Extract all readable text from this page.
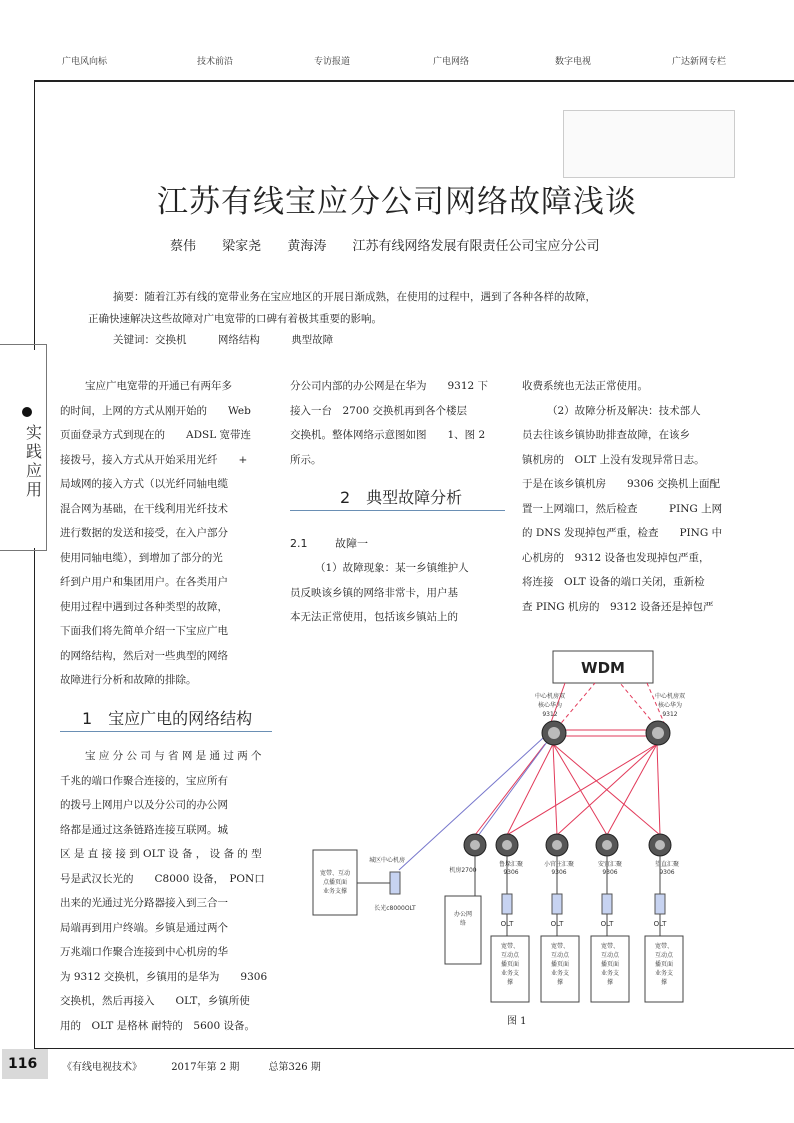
广电风向标	技术前沿	专访报道	广电网络	数字电视	广达新网专栏
江苏有线宝应分公司网络故障浅谈
蔡伟 梁家尧 黄海涛 江苏有线网络发展有限责任公司宝应分公司
摘要：随着江苏有线的宽带业务在宝应地区的开展日渐成熟，在使用的过程中，遇到了各种各样的故障，
正确快速解决这些故障对广电宽带的口碑有着极其重要的影响。
关键词：交换机	网络结构	典型故障
实践应用

宝应广电宽带的开通已有两年多

的时间，上网的方式从刚开始的　　Web

页面登录方式到现在的　　ADSL 宽带连

接拨号，接入方式从开始采用光纤　　+

局域网的接入方式（以光纤同轴电缆

混合网为基础，在干线利用光纤技术

进行数据的发送和接受，在入户部分

使用同轴电缆），到增加了部分的光

纤到户用户和集团用户。在各类用户

使用过程中遇到过各种类型的故障，

下面我们将先简单介绍一下宝应广电

的网络结构，然后对一些典型的网络

故障进行分析和故障的排除。

1　宝应广电的网络结构

宝 应 分 公 司 与 省 网 是 通 过 两 个

千兆的端口作聚合连接的，宝应所有

的拨号上网用户以及分公司的办公网

络都是通过这条链路连接互联网。城

区 是 直 接 接 到 OLT 设 备 ， 设 备 的 型

号是武汉长光的　　C8000 设备，　PON口

出来的光通过光分路器接入到三合一

局端再到用户终端。乡镇是通过两个

万兆端口作聚合连接到中心机房的华

为 9312 交换机，乡镇用的是华为　　9306

交换机，然后再接入　　OLT，乡镇所使

用的　OLT 是格林 耐特的　5600 设备。

分公司内部的办公网是在华为　　9312 下

接入一台　2700 交换机再到各个楼层

交换机。整体网络示意图如图　　1、图 2

所示。

2　典型故障分析
2.1	故障一

（1）故障现象：某一乡镇维护人

员反映该乡镇的网络非常卡，用户基

本无法正常使用，包括该乡镇站上的

收费系统也无法正常使用。

（2）故障分析及解决：技术部人

员去往该乡镇协助排查故障，在该乡

镇机房的　OLT 上没有发现异常日志。

于是在该乡镇机房　　9306 交换机上面配

置一上网端口，然后检查　　　PING 上网

的 DNS 发现掉包严重，检查　　PING 中

心机房的　9312 设备也发现掉包严重，

将连接　OLT 设备的端口关闭，重新检

查 PING 机房的　9312 设备还是掉包严

WDM
中心机房双
核心华为
9312
中心机房双
核心华为
9312
机房2700
办公网
络
城区中心机房
长光c8000OLT
宽带、互动
点播页面
业务支撑
鲁垛汇聚
9306
OLT
宽带、
互动点
播页面
业务支
撑
小官庄汇聚
9306
OLT
宽带、
互动点
播页面
业务支
撑
安宜汇聚
9306
OLT
宽带、
互动点
播页面
业务支
撑
望直汇聚
9306
OLT
宽带、
互动点
播页面
业务支
撑
图 1
116 《有线电视技术》	2017年第 2 期	总第326 期
